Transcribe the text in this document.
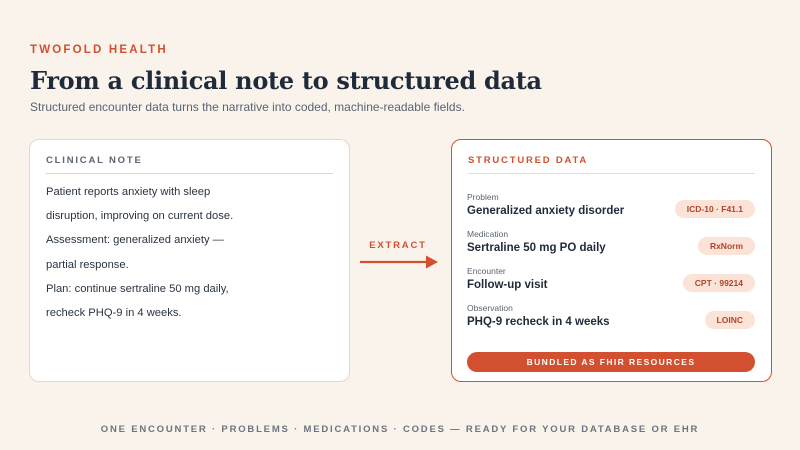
TWOFOLD HEALTH
From a clinical note to structured data

Structured encounter data turns the narrative into coded, machine-readable fields.

CLINICAL NOTE
Patient reports anxiety with sleep
disruption, improving on current dose.
Assessment: generalized anxiety —
partial response.
Plan: continue sertraline 50 mg daily,
recheck PHQ-9 in 4 weeks.
EXTRACT
STRUCTURED DATA
Problem
Generalized anxiety disorder	ICD-10 · F41.1
Medication
Sertraline 50 mg PO daily	RxNorm
Encounter
Follow-up visit	CPT · 99214
Observation
PHQ-9 recheck in 4 weeks	LOINC
BUNDLED AS FHIR RESOURCES
ONE ENCOUNTER · PROBLEMS · MEDICATIONS · CODES — READY FOR YOUR DATABASE OR EHR
